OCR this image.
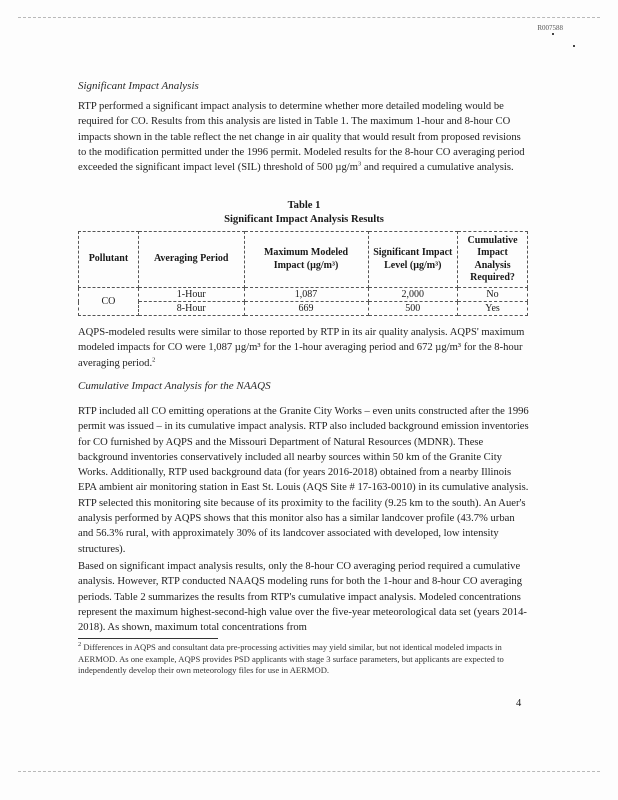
R007588
Significant Impact Analysis
RTP performed a significant impact analysis to determine whether more detailed modeling would be required for CO. Results from this analysis are listed in Table 1. The maximum 1-hour and 8-hour CO impacts shown in the table reflect the net change in air quality that would result from proposed revisions to the modification permitted under the 1996 permit. Modeled results for the 8-hour CO averaging period exceeded the significant impact level (SIL) threshold of 500 $\mu g/m^3$ and required a cumulative analysis.
Table 1
Significant Impact Analysis Results
Pollutant	Averaging Period	Maximum Modeled Impact (µg/m³)	Significant Impact Level (µg/m³)	Cumulative Impact Analysis Required?
CO	1-Hour	1,087	2,000	No
	8-Hour	669	500	Yes
AQPS-modeled results were similar to those reported by RTP in its air quality analysis. AQPS' maximum modeled impacts for CO were 1,087 µg/m³ for the 1-hour averaging period and 672 µg/m³ for the 8-hour averaging period.$^2$
Cumulative Impact Analysis for the NAAQS
RTP included all CO emitting operations at the Granite City Works – even units constructed after the 1996 permit was issued – in its cumulative impact analysis. RTP also included background emission inventories for CO furnished by AQPS and the Missouri Department of Natural Resources (MDNR). These background inventories conservatively included all nearby sources within 50 km of the Granite City Works. Additionally, RTP used background data (for years 2016-2018) obtained from a nearby Illinois EPA ambient air monitoring station in East St. Louis (AQS Site # 17-163-0010) in its cumulative analysis. RTP selected this monitoring site because of its proximity to the facility (9.25 km to the south). An Auer's analysis performed by AQPS shows that this monitor also has a similar landcover profile (43.7% urban and 56.3% rural, with approximately 30% of its landcover associated with developed, low intensity structures).
Based on significant impact analysis results, only the 8-hour CO averaging period required a cumulative analysis. However, RTP conducted NAAQS modeling runs for both the 1-hour and 8-hour CO averaging periods. Table 2 summarizes the results from RTP's cumulative impact analysis. Modeled concentrations represent the maximum highest-second-high value over the five-year meteorological data set (years 2014-2018). As shown, maximum total concentrations from
$^2$ Differences in AQPS and consultant data pre-processing activities may yield similar, but not identical modeled impacts in AERMOD. As one example, AQPS provides PSD applicants with stage 3 surface parameters, but applicants are expected to independently develop their own meteorology files for use in AERMOD.
4
